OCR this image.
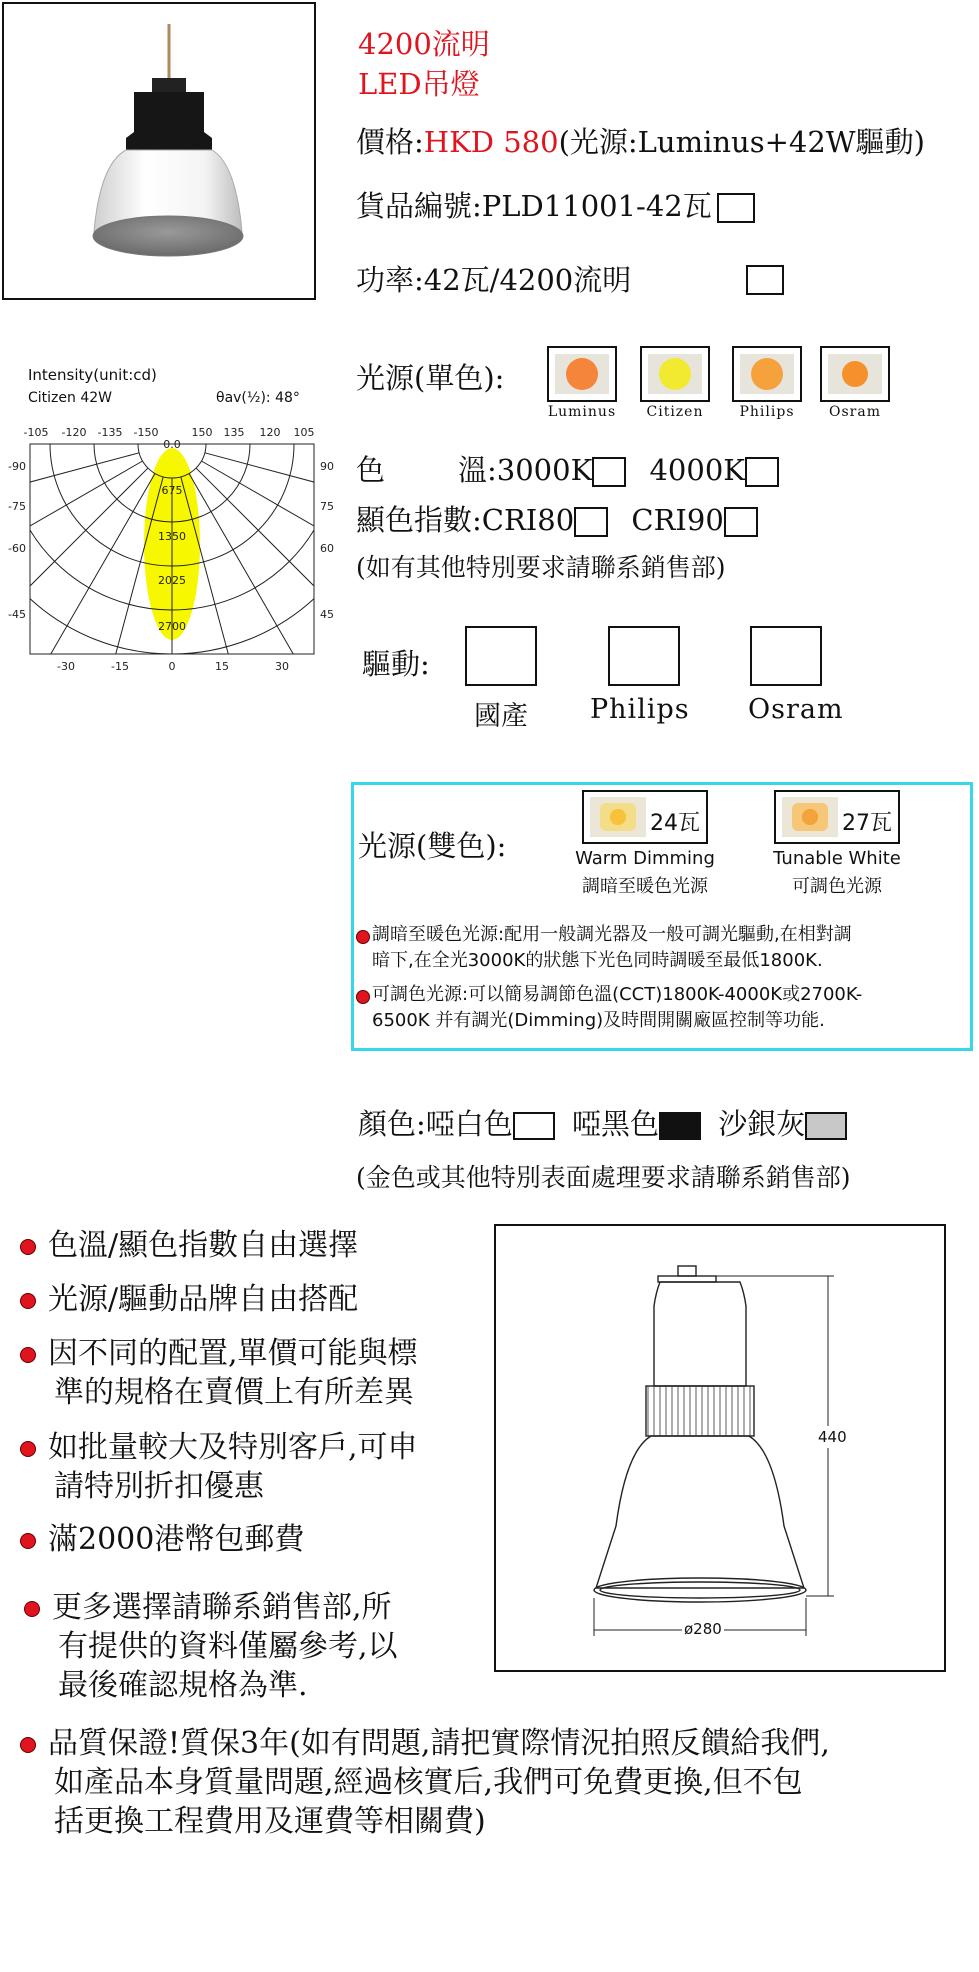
4200流明
LED吊燈
價格:HKD 580(光源:Luminus+42W驅動)
貨品編號:PLD11001-42瓦
功率:42瓦/4200流明
光源(單色):
Luminus	Citizen	Philips	Osram
色	溫:3000K 4000K
顯色指數:CRI80 CRI90
(如有其他特別要求請聯系銷售部)
Intensity(unit:cd)
Citizen 42W	θav(½): 48°
0.0
675
1350
2025
2700
-105 -120 -135 -150	150 135 120 105
-90
-75
-60
-45
90
75
60
45
-30	-15	0	15	30	驅動:
國產 Philips Osram
光源(雙色):
24瓦	27瓦
Warm Dimming
調暗至暖色光源
Tunable White
可調色光源
調暗至暖色光源:配用一般調光器及一般可調光驅動,在相對調
暗下,在全光3000K的狀態下光色同時調暖至最低1800K.
可調色光源:可以簡易調節色溫(CCT)1800K-4000K或2700K-
6500K 并有調光(Dimming)及時間開關廠區控制等功能.
顏色:啞白色 啞黑色 沙銀灰
(金色或其他特別表面處理要求請聯系銷售部)
色溫/顯色指數自由選擇
光源/驅動品牌自由搭配
因不同的配置,單價可能與標
準的規格在賣價上有所差異
如批量較大及特別客戶,可申
請特別折扣優惠
滿2000港幣包郵費
更多選擇請聯系銷售部,所
有提供的資料僅屬參考,以
最後確認規格為準.
品質保證!質保3年(如有問題,請把實際情況拍照反饋給我們,
如產品本身質量問題,經過核實后,我們可免費更換,但不包
括更換工程費用及運費等相關費)
440
ø280
